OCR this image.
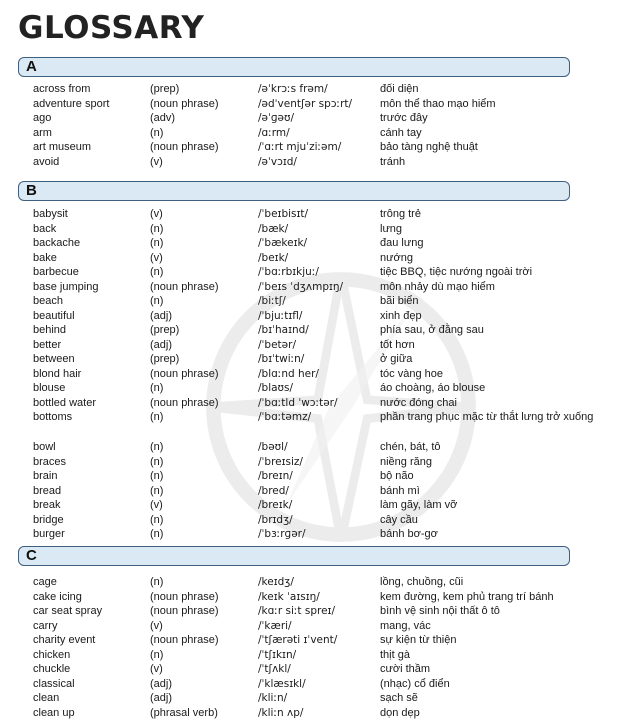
GLOSSARY
A
across from	(prep)	/əˈkrɔːs frəm/	đối diện
adventure sport	(noun phrase)	/ədˈventʃər spɔːrt/	môn thể thao mạo hiểm
ago	(adv)	/əˈɡəʊ/	trước đây
arm	(n)	/ɑːrm/	cánh tay
art museum	(noun phrase)	/ˈɑːrt mjuˈziːəm/	bảo tàng nghệ thuật
avoid	(v)	/əˈvɔɪd/	tránh
B
babysit	(v)	/ˈbeɪbisɪt/	trông trẻ
back	(n)	/bæk/	lưng
backache	(n)	/ˈbækeɪk/	đau lưng
bake	(v)	/beɪk/	nướng
barbecue	(n)	/ˈbɑːrbɪkjuː/	tiệc BBQ, tiệc nướng ngoài trời
base jumping	(noun phrase)	/ˈbeɪs ˈdʒʌmpɪŋ/	môn nhảy dù mạo hiểm
beach	(n)	/biːtʃ/	bãi biển
beautiful	(adj)	/ˈbjuːtɪfl/	xinh đẹp
behind	(prep)	/bɪˈhaɪnd/	phía sau, ở đằng sau
better	(adj)	/ˈbetər/	tốt hơn
between	(prep)	/bɪˈtwiːn/	ở giữa
blond hair	(noun phrase)	/blɑːnd her/	tóc vàng hoe
blouse	(n)	/blaʊs/	áo choàng, áo blouse
bottled water	(noun phrase)	/ˈbɑːtld ˈwɔːtər/	nước đóng chai
bottoms	(n)	/ˈbɑːtəmz/	phần trang phục mặc từ thắt lưng trở xuống
bowl	(n)	/bəʊl/	chén, bát, tô
braces	(n)	/ˈbreɪsiz/	niềng răng
brain	(n)	/breɪn/	bộ não
bread	(n)	/bred/	bánh mì
break	(v)	/breɪk/	làm gãy, làm vỡ
bridge	(n)	/brɪdʒ/	cây cầu
burger	(n)	/ˈbɜːrɡər/	bánh bơ-gơ
C
cage	(n)	/keɪdʒ/	lồng, chuồng, cũi
cake icing	(noun phrase)	/keɪk ˈaɪsɪŋ/	kem đường, kem phủ trang trí bánh
car seat spray	(noun phrase)	/kɑːr siːt spreɪ/	bình vệ sinh nội thất ô tô
carry	(v)	/ˈkæri/	mang, vác
charity event	(noun phrase)	/ˈtʃærəti ɪˈvent/	sự kiện từ thiện
chicken	(n)	/ˈtʃɪkɪn/	thịt gà
chuckle	(v)	/ˈtʃʌkl/	cười thầm
classical	(adj)	/ˈklæsɪkl/	(nhạc) cổ điển
clean	(adj)	/kliːn/	sạch sẽ
clean up	(phrasal verb)	/kliːn ʌp/	dọn dẹp
